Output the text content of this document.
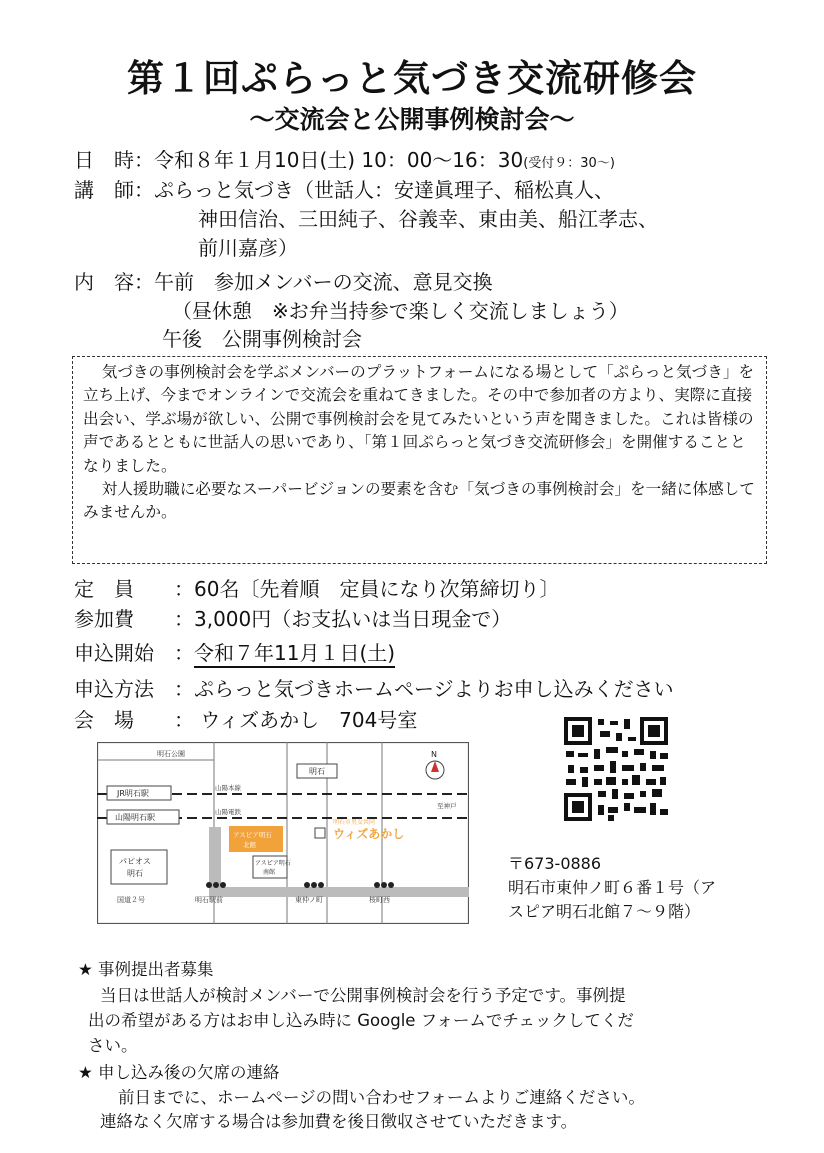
第１回ぷらっと気づき交流研修会
〜交流会と公開事例検討会〜
日　時：令和８年１月10日(土) 10：00〜16：30(受付９：30〜)
講　師：ぷらっと気づき（世話人：安達眞理子、稲松真人、
神田信治、三田純子、谷義幸、東由美、船江孝志、
前川嘉彦）
内　容：午前　参加メンバーの交流、意見交換
（昼休憩　※お弁当持参で楽しく交流しましょう）
午後　公開事例検討会

気づきの事例検討会を学ぶメンバーのプラットフォームになる場として「ぷらっと気づき」を立ち上げ、今までオンラインで交流会を重ねてきました。その中で参加者の方より、実際に直接出会い、学ぶ場が欲しい、公開で事例検討会を見てみたいという声を聞きました。これは皆様の声であるとともに世話人の思いであり、「第１回ぷらっと気づき交流研修会」を開催することとなりました。

対人援助職に必要なスーパービジョンの要素を含む「気づきの事例検討会」を一緒に体感してみませんか。

定　員 ：60名〔先着順　定員になり次第締切り〕
参加費 ：3,000円（お支払いは当日現金で）
申込開始 ：令和７年11月１日(土)
申込方法 ：ぷらっと気づきホームページよりお申し込みください
会　場 ： ウィズあかし　704号室
明石公園
JR明石駅
山陽明石駅
山陽本線
山陽電鉄
至神戸
パピオス
明石
アスピア明石
北館
アスピア明石
南館
明石
ウィズあかし
明石市男女共同
国道２号	明石駅前	東仲ノ町	桜町西
N
〒673-0886
明石市東仲ノ町６番１号（ア
スピア明石北館７〜９階）
★ 事例提出者募集
当日は世話人が検討メンバーで公開事例検討会を行う予定です。事例提
出の希望がある方はお申し込み時に Google フォームでチェックしてくだ
さい。
★ 申し込み後の欠席の連絡
前日までに、ホームページの問い合わせフォームよりご連絡ください。
連絡なく欠席する場合は参加費を後日徴収させていただきます。
